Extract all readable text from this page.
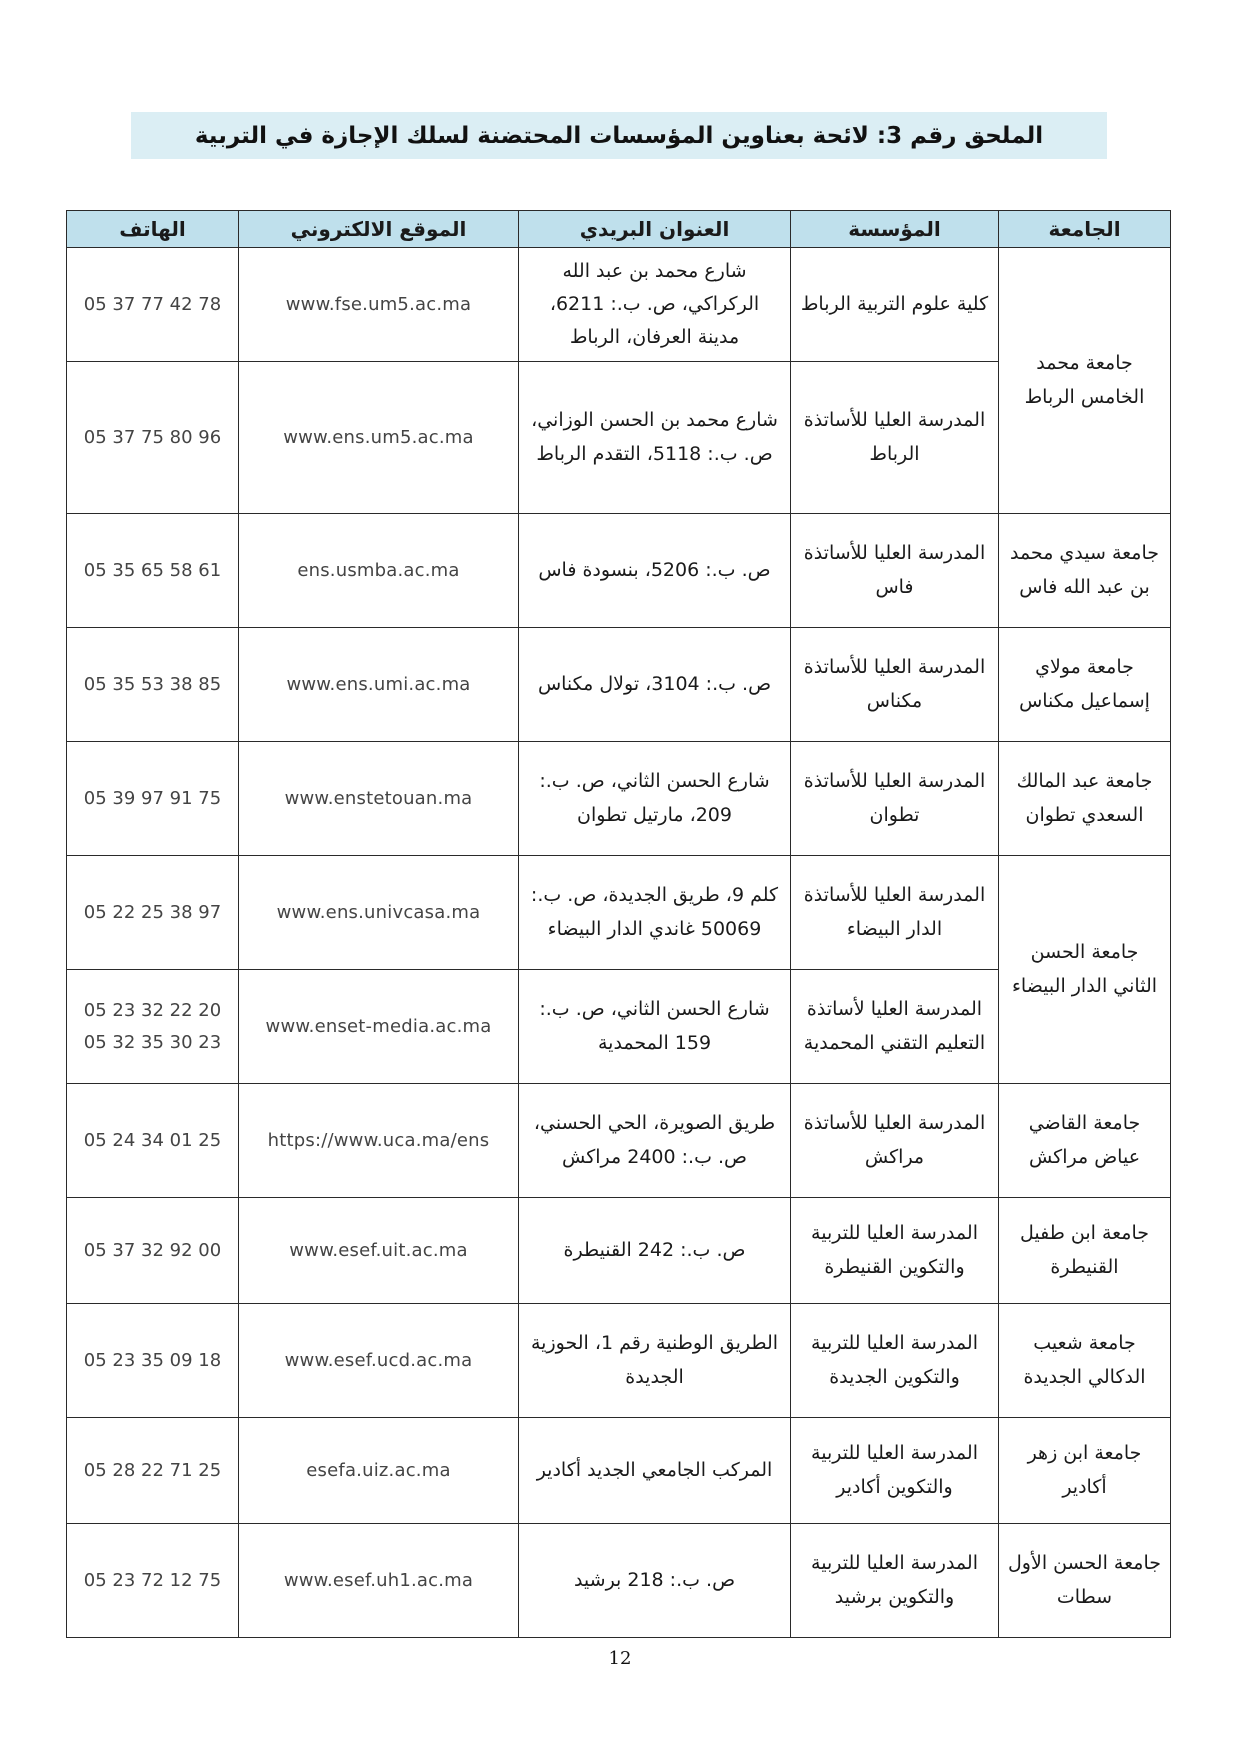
الملحق رقم 3: لائحة بعناوين المؤسسات المحتضنة لسلك الإجازة في التربية
الجامعة	المؤسسة	العنوان البريدي	الموقع الالكتروني	الهاتف
جامعة محمد الخامس الرباط	كلية علوم التربية الرباط	شارع محمد بن عبد الله الركراكي، ص. ب.: 6211، مدينة العرفان، الرباط	www.fse.um5.ac.ma	05 37 77 42 78
	المدرسة العليا للأساتذة الرباط	شارع محمد بن الحسن الوزاني، ص. ب.: 5118، التقدم الرباط	www.ens.um5.ac.ma	05 37 75 80 96
جامعة سيدي محمد بن عبد الله فاس	المدرسة العليا للأساتذة فاس	ص. ب.: 5206، بنسودة فاس	ens.usmba.ac.ma	05 35 65 58 61
جامعة مولاي إسماعيل مكناس	المدرسة العليا للأساتذة مكناس	ص. ب.: 3104، تولال مكناس	www.ens.umi.ac.ma	05 35 53 38 85
جامعة عبد المالك السعدي تطوان	المدرسة العليا للأساتذة تطوان	شارع الحسن الثاني، ص. ب.: 209، مارتيل تطوان	www.enstetouan.ma	05 39 97 91 75
جامعة الحسن الثاني الدار البيضاء	المدرسة العليا للأساتذة الدار البيضاء	كلم 9، طريق الجديدة، ص. ب.: 50069 غاندي الدار البيضاء	www.ens.univcasa.ma	05 22 25 38 97
	المدرسة العليا لأساتذة التعليم التقني المحمدية	شارع الحسن الثاني، ص. ب.: 159 المحمدية	www.enset-media.ac.ma	05 23 32 22 20
05 32 35 30 23

جامعة القاضي عياض مراكش	المدرسة العليا للأساتذة مراكش	طريق الصويرة، الحي الحسني، ص. ب.: 2400 مراكش	https://www.uca.ma/ens	05 24 34 01 25
جامعة ابن طفيل القنيطرة	المدرسة العليا للتربية والتكوين القنيطرة	ص. ب.: 242 القنيطرة	www.esef.uit.ac.ma	05 37 32 92 00
جامعة شعيب الدكالي الجديدة	المدرسة العليا للتربية والتكوين الجديدة	الطريق الوطنية رقم 1، الحوزية الجديدة	www.esef.ucd.ac.ma	05 23 35 09 18
جامعة ابن زهر أكادير	المدرسة العليا للتربية والتكوين أكادير	المركب الجامعي الجديد أكادير	esefa.uiz.ac.ma	05 28 22 71 25
جامعة الحسن الأول سطات	المدرسة العليا للتربية والتكوين برشيد	ص. ب.: 218 برشيد	www.esef.uh1.ac.ma	05 23 72 12 75
12
